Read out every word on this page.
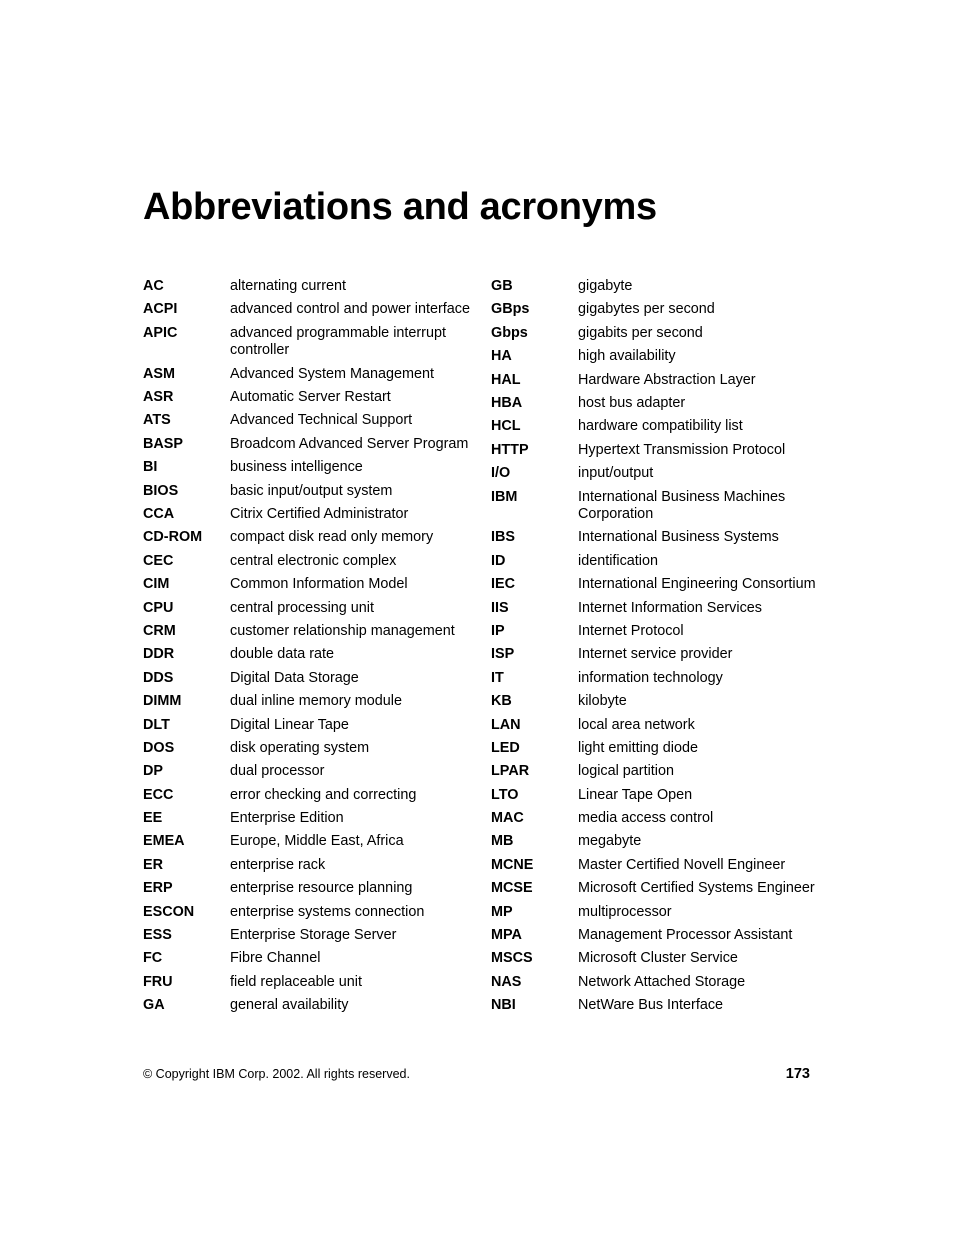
Abbreviations and acronyms
AC	alternating current
ACPI	advanced control and power interface
APIC	advanced programmable interrupt controller
ASM	Advanced System Management
ASR	Automatic Server Restart
ATS	Advanced Technical Support
BASP	Broadcom Advanced Server Program
BI	business intelligence
BIOS	basic input/output system
CCA	Citrix Certified Administrator
CD-ROM	compact disk read only memory
CEC	central electronic complex
CIM	Common Information Model
CPU	central processing unit
CRM	customer relationship management
DDR	double data rate
DDS	Digital Data Storage
DIMM	dual inline memory module
DLT	Digital Linear Tape
DOS	disk operating system
DP	dual processor
ECC	error checking and correcting
EE	Enterprise Edition
EMEA	Europe, Middle East, Africa
ER	enterprise rack
ERP	enterprise resource planning
ESCON	enterprise systems connection
ESS	Enterprise Storage Server
FC	Fibre Channel
FRU	field replaceable unit
GA	general availability
GB	gigabyte
GBps	gigabytes per second
Gbps	gigabits per second
HA	high availability
HAL	Hardware Abstraction Layer
HBA	host bus adapter
HCL	hardware compatibility list
HTTP	Hypertext Transmission Protocol
I/O	input/output
IBM	International Business Machines Corporation
IBS	International Business Systems
ID	identification
IEC	International Engineering Consortium
IIS	Internet Information Services
IP	Internet Protocol
ISP	Internet service provider
IT	information technology
KB	kilobyte
LAN	local area network
LED	light emitting diode
LPAR	logical partition
LTO	Linear Tape Open
MAC	media access control
MB	megabyte
MCNE	Master Certified Novell Engineer
MCSE	Microsoft Certified Systems Engineer
MP	multiprocessor
MPA	Management Processor Assistant
MSCS	Microsoft Cluster Service
NAS	Network Attached Storage
NBI	NetWare Bus Interface
© Copyright IBM Corp. 2002. All rights reserved.	173
